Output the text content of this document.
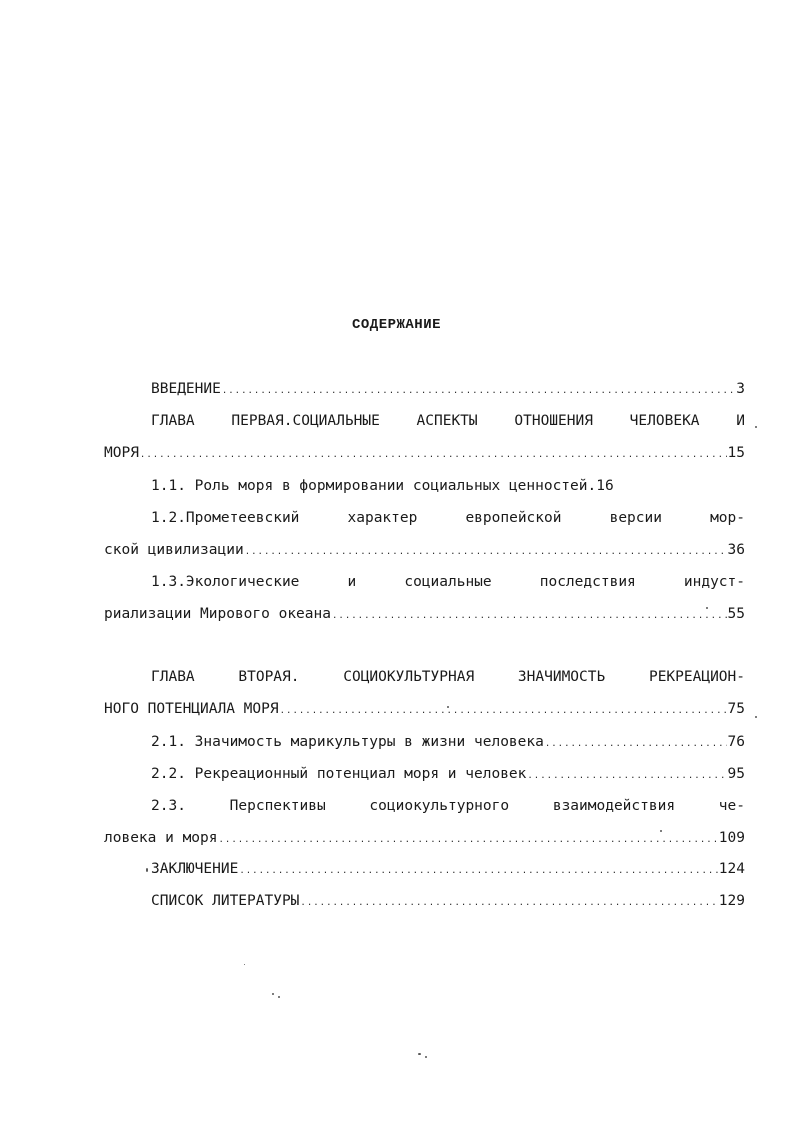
СОДЕРЖАНИЕ
ВВЕДЕНИЕ .....	3
ГЛАВА ПЕРВАЯ.СОЦИАЛЬНЫЕ АСПЕКТЫ ОТНОШЕНИЯ ЧЕЛОВЕКА И
МОРЯ .....	15
1.1. Роль моря в формировании социальных ценностей. 16
1.2.Прометеевский характер европейской версии мор-
ской цивилизации .....	36
1.3.Экологические и социальные последствия индуст-
риализации Мирового океана .....	55
ГЛАВА ВТОРАЯ. СОЦИОКУЛЬТУРНАЯ ЗНАЧИМОСТЬ РЕКРЕАЦИОН-
НОГО ПОТЕНЦИАЛА МОРЯ .....	75
2.1. Значимость марикультуры в жизни человека .....	76
2.2. Рекреационный потенциал моря и человек .....	95
2.3. Перспективы социокультурного взаимодействия че-
ловека и моря .....	109
ЗАКЛЮЧЕНИЕ .....	124
СПИСОК ЛИТЕРАТУРЫ .....	129
